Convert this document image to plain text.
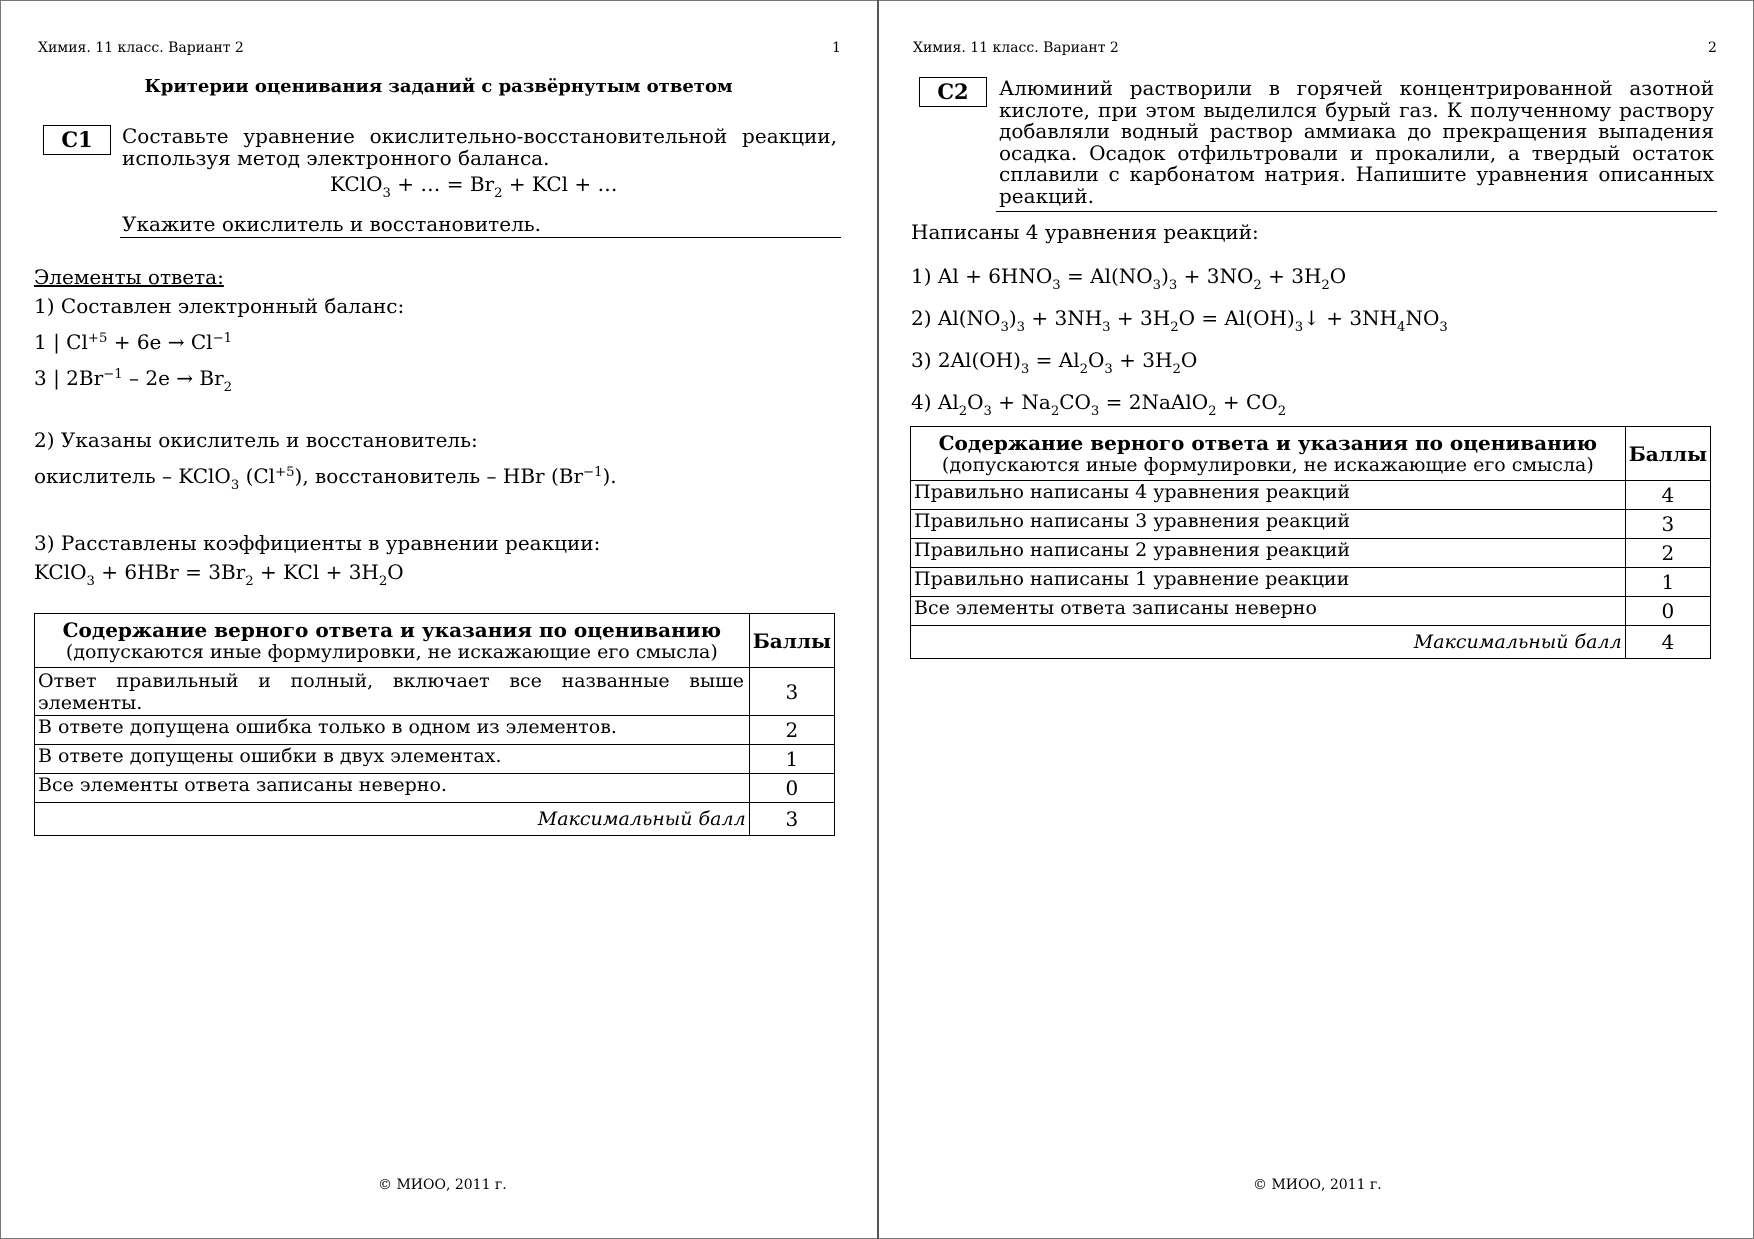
Химия. 11 класс. Вариант 2	1
Критерии оценивания заданий с развёрнутым ответом
С1	Составьте уравнение окислительно-восстановительной реакции,
используя метод электронного баланса.
KClO$_3$ + … = $Br_2$ + KCl + …
Укажите окислитель и восстановитель.
Элементы ответа:
1) Составлен электронный баланс:
1 | $Cl^{+5} + 6e \to Cl^{-1}$
3 | $2Br^{-1} - 2e \to Br_2$
2) Указаны окислитель и восстановитель:
окислитель – KClO$_3$ $(Cl^{+5})$, восстановитель – HBr $(Br^{-1})$.
3) Расставлены коэффициенты в уравнении реакции:
KClO$_3$ + $6HBr = 3Br_2$ + KCl + $3H_2O$
Содержание верного ответа и указания по оцениванию
(допускаются иные формулировки, не искажающие его смысла)	Баллы

Ответ правильный и полный, включает все названные выше
элементы.	3
В ответе допущена ошибка только в одном из элементов.	2
В ответе допущены ошибки в двух элементах.	1
Все элементы ответа записаны неверно.	0
Максимальный балл	3
© МИОО, 2011 г.
Химия. 11 класс. Вариант 2	2
С2	Алюминий растворили в горячей концентрированной азотной
кислоте, при этом выделился бурый газ. К полученному раствору
добавляли водный раствор аммиака до прекращения выпадения
осадка. Осадок отфильтровали и прокалили, а твердый остаток
сплавили с карбонатом натрия. Напишите уравнения описанных
реакций.
Написаны 4 уравнения реакций:
1) $Al + 6HNO_3 = Al(NO_3)_3 + 3NO_2 + 3H_2O$
2) $Al(NO_3)_3 + 3NH_3 + 3H_2O$ = $Al(OH)_3↓ + 3NH_4NO_3$
3) $2Al(OH)_3 = Al_2O_3 + 3H_2O$
4) $Al_2O_3 + Na_2CO_3$ = 2NaAlO$_2$ + $CO_2$
Содержание верного ответа и указания по оцениванию
(допускаются иные формулировки, не искажающие его смысла)	Баллы
Правильно написаны 4 уравнения реакций	4
Правильно написаны 3 уравнения реакций	3
Правильно написаны 2 уравнения реакций	2
Правильно написаны 1 уравнение реакции	1
Все элементы ответа записаны неверно	0
Максимальный балл	4
© МИОО, 2011 г.
